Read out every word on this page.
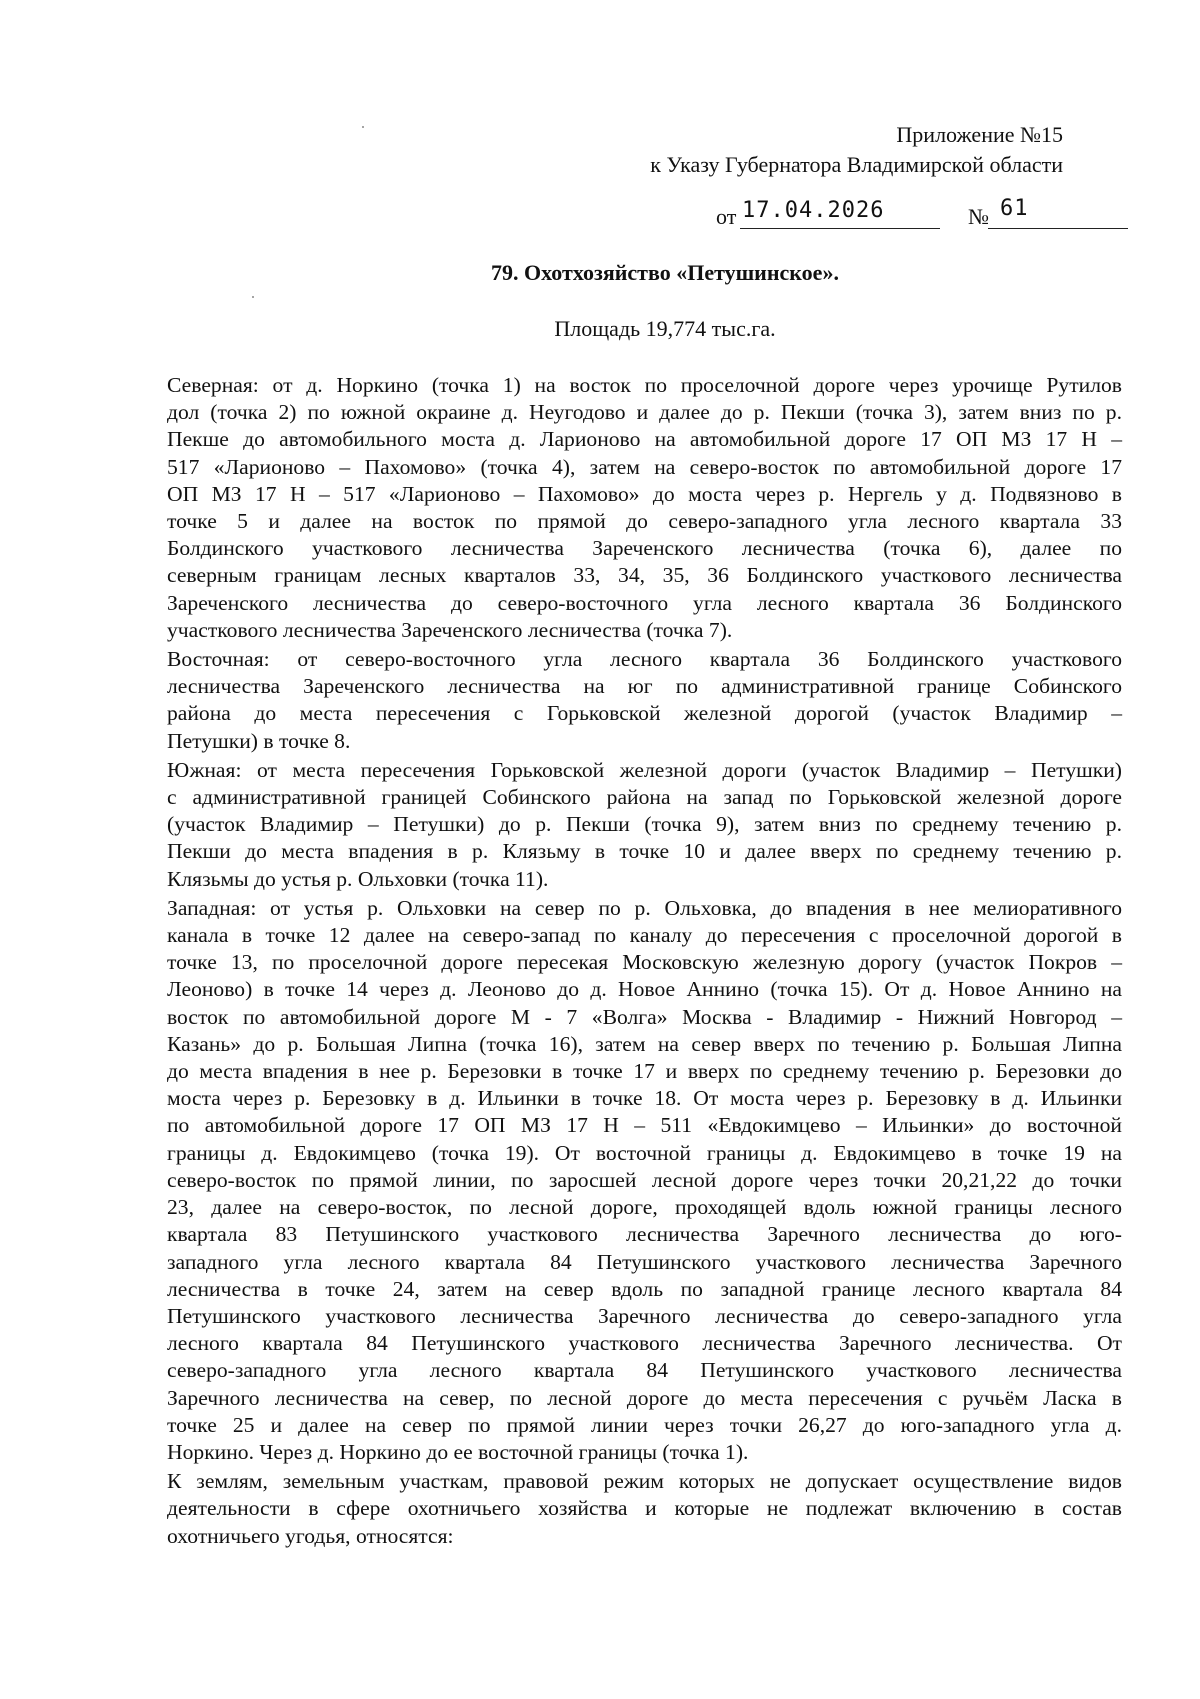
Приложение №15
к Указу Губернатора Владимирской области
от 17.04.2026	№ 61
79. Охотхозяйство «Петушинское».
Площадь 19,774 тыс.га.

Северная: от д. Норкино (точка 1) на восток по проселочной дороге через урочище Рутилов

дол (точка 2) по южной окраине д. Неугодово и далее до р. Пекши (точка 3), затем вниз по р.

Пекше до автомобильного моста д. Ларионово на автомобильной дороге 17 ОП МЗ 17 Н –

517 «Ларионово – Пахомово» (точка 4), затем на северо-восток по автомобильной дороге 17

ОП МЗ 17 Н – 517 «Ларионово – Пахомово» до моста через р. Нергель у д. Подвязново в

точке 5 и далее на восток по прямой до северо-западного угла лесного квартала 33

Болдинского участкового лесничества Зареченского лесничества (точка 6), далее по

северным границам лесных кварталов 33, 34, 35, 36 Болдинского участкового лесничества

Зареченского лесничества до северо-восточного угла лесного квартала 36 Болдинского

участкового лесничества Зареченского лесничества (точка 7).

Восточная: от северо-восточного угла лесного квартала 36 Болдинского участкового

лесничества Зареченского лесничества на юг по административной границе Собинского

района до места пересечения с Горьковской железной дорогой (участок Владимир –

Петушки) в точке 8.

Южная: от места пересечения Горьковской железной дороги (участок Владимир – Петушки)

с административной границей Собинского района на запад по Горьковской железной дороге

(участок Владимир – Петушки) до р. Пекши (точка 9), затем вниз по среднему течению р.

Пекши до места впадения в р. Клязьму в точке 10 и далее вверх по среднему течению р.

Клязьмы до устья р. Ольховки (точка 11).

Западная: от устья р. Ольховки на север по р. Ольховка, до впадения в нее мелиоративного

канала в точке 12 далее на северо-запад по каналу до пересечения с проселочной дорогой в

точке 13, по проселочной дороге пересекая Московскую железную дорогу (участок Покров –

Леоново) в точке 14 через д. Леоново до д. Новое Аннино (точка 15). От д. Новое Аннино на

восток по автомобильной дороге М - 7 «Волга» Москва - Владимир - Нижний Новгород –

Казань» до р. Большая Липна (точка 16), затем на север вверх по течению р. Большая Липна

до места впадения в нее р. Березовки в точке 17 и вверх по среднему течению р. Березовки до

моста через р. Березовку в д. Ильинки в точке 18. От моста через р. Березовку в д. Ильинки

по автомобильной дороге 17 ОП МЗ 17 Н – 511 «Евдокимцево – Ильинки» до восточной

границы д. Евдокимцево (точка 19). От восточной границы д. Евдокимцево в точке 19 на

северо-восток по прямой линии, по заросшей лесной дороге через точки 20,21,22 до точки

23, далее на северо-восток, по лесной дороге, проходящей вдоль южной границы лесного

квартала 83 Петушинского участкового лесничества Заречного лесничества до юго-

западного угла лесного квартала 84 Петушинского участкового лесничества Заречного

лесничества в точке 24, затем на север вдоль по западной границе лесного квартала 84

Петушинского участкового лесничества Заречного лесничества до северо-западного угла

лесного квартала 84 Петушинского участкового лесничества Заречного лесничества. От

северо-западного угла лесного квартала 84 Петушинского участкового лесничества

Заречного лесничества на север, по лесной дороге до места пересечения с ручьём Ласка в

точке 25 и далее на север по прямой линии через точки 26,27 до юго-западного угла д.

Норкино. Через д. Норкино до ее восточной границы (точка 1).

К землям, земельным участкам, правовой режим которых не допускает осуществление видов

деятельности в сфере охотничьего хозяйства и которые не подлежат включению в состав

охотничьего угодья, относятся:
